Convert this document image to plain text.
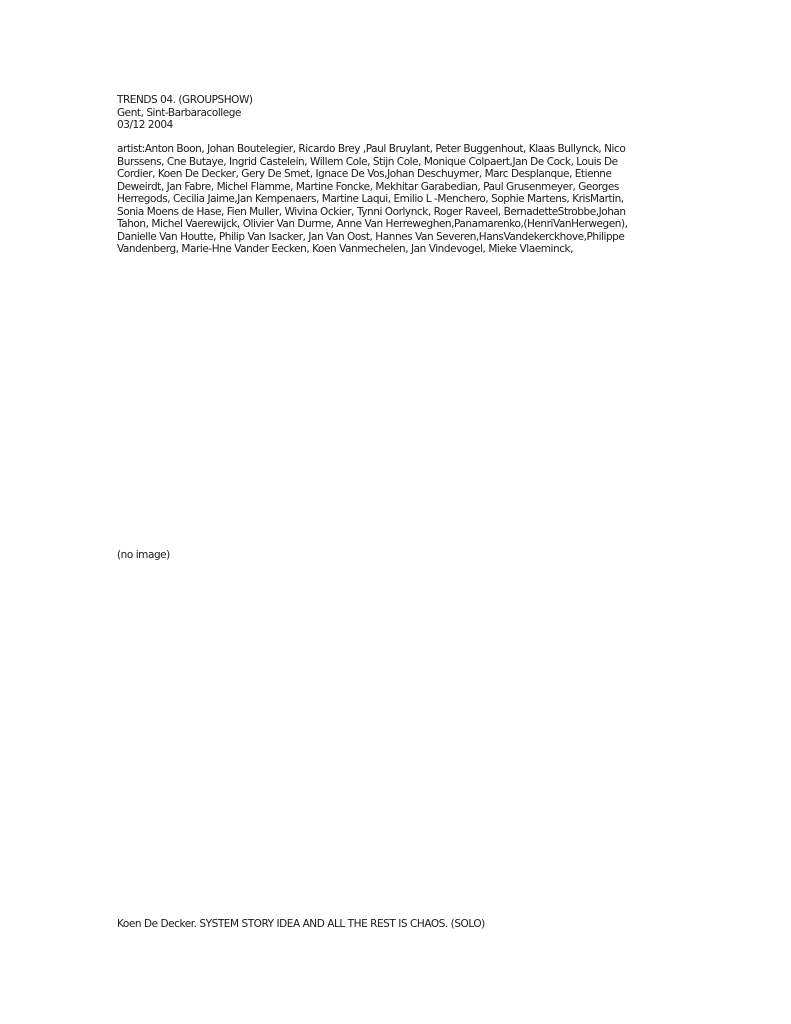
TRENDS 04. (GROUPSHOW)
Gent, Sint-Barbaracollege
03/12 2004
artist:Anton Boon, Johan Boutelegier, Ricardo Brey ,Paul Bruylant, Peter Buggenhout, Klaas Bullynck, Nico
Burssens, Cne Butaye, Ingrid Castelein, Willem Cole, Stijn Cole, Monique Colpaert,Jan De Cock, Louis De
Cordier, Koen De Decker, Gery De Smet, Ignace De Vos,Johan Deschuymer, Marc Desplanque, Etienne
Deweirdt, Jan Fabre, Michel Flamme, Martine Foncke, Mekhitar Garabedian, Paul Grusenmeyer, Georges
Herregods, Cecilia Jaime,Jan Kempenaers, Martine Laqui, Emilio L -Menchero, Sophie Martens, KrisMartin,
Sonia Moens de Hase, Fien Muller, Wivina Ockier, Tynni Oorlynck, Roger Raveel, BernadetteStrobbe,Johan
Tahon, Michel Vaerewijck, Olivier Van Durme, Anne Van Herreweghen,Panamarenko,(HenriVanHerwegen),
Danielle Van Houtte, Philip Van Isacker, Jan Van Oost, Hannes Van Severen,HansVandekerckhove,Philippe
Vandenberg, Marie-Hne Vander Eecken, Koen Vanmechelen, Jan Vindevogel, Mieke Vlaeminck,
(no image)
Koen De Decker. SYSTEM STORY IDEA AND ALL THE REST IS CHAOS. (SOLO)
